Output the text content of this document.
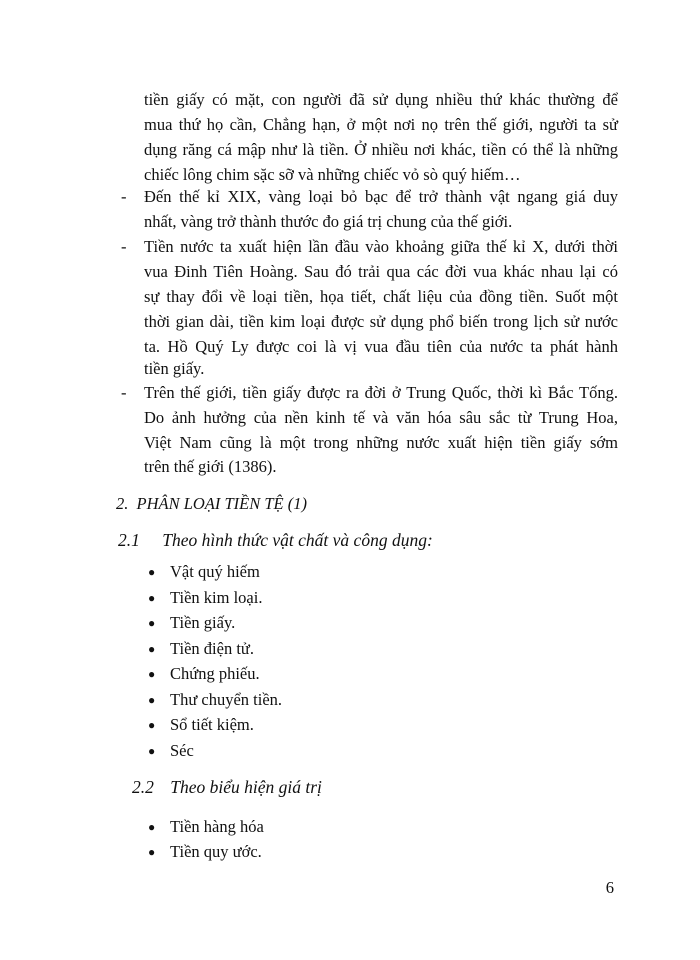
tiền giấy có mặt, con người đã sử dụng nhiều thứ khác thường để
mua thứ họ cần, Chẳng hạn, ở một nơi nọ trên thế giới, người ta sử
dụng răng cá mập như là tiền. Ở nhiều nơi khác, tiền có thể là những
chiếc lông chim sặc sỡ và những chiếc vỏ sò quý hiếm…
- Đến thế kỉ XIX, vàng loại bỏ bạc để trở thành vật ngang giá duy
nhất, vàng trở thành thước đo giá trị chung của thế giới.
- Tiền nước ta xuất hiện lần đầu vào khoảng giữa thế kỉ X, dưới thời
vua Đinh Tiên Hoàng. Sau đó trải qua các đời vua khác nhau lại có
sự thay đổi về loại tiền, họa tiết, chất liệu của đồng tiền. Suốt một
thời gian dài, tiền kim loại được sử dụng phổ biến trong lịch sử nước
ta. Hồ Quý Ly được coi là vị vua đầu tiên của nước ta phát hành
tiền giấy.
- Trên thế giới, tiền giấy được ra đời ở Trung Quốc, thời kì Bắc Tống.
Do ảnh hưởng của nền kinh tế và văn hóa sâu sắc từ Trung Hoa,
Việt Nam cũng là một trong những nước xuất hiện tiền giấy sớm
trên thế giới (1386).
2. PHÂN LOẠI TIỀN TỆ (1)
2.1 Theo hình thức vật chất và công dụng:
● Vật quý hiếm
● Tiền kim loại.
● Tiền giấy.
● Tiền điện tử.
● Chứng phiếu.
● Thư chuyển tiền.
● Sổ tiết kiệm.
● Séc
2.2 Theo biểu hiện giá trị
● Tiền hàng hóa
● Tiền quy ước.
6
